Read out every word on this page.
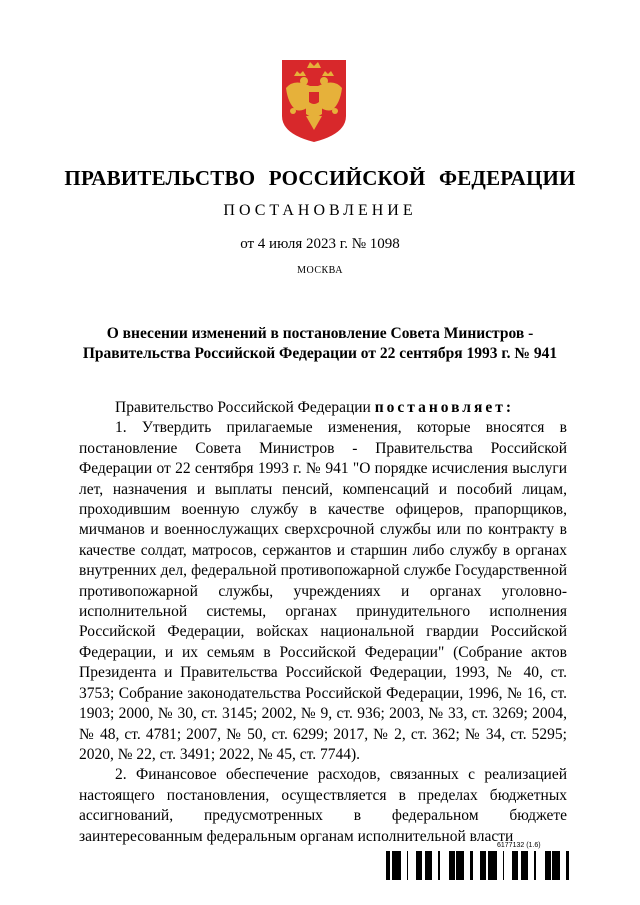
ПРАВИТЕЛЬСТВО РОССИЙСКОЙ ФЕДЕРАЦИИ
ПОСТАНОВЛЕНИЕ
от 4 июля 2023 г. № 1098
МОСКВА
О внесении изменений в постановление Совета Министров -
Правительства Российской Федерации от 22 сентября 1993 г. № 941

Правительство Российской Федерации постановляет:

1. Утвердить прилагаемые изменения, которые вносятся в постановление Совета Министров - Правительства Российской Федерации от 22 сентября 1993 г. № 941 "О порядке исчисления выслуги лет, назначения и выплаты пенсий, компенсаций и пособий лицам, проходившим военную службу в качестве офицеров, прапорщиков, мичманов и военнослужащих сверхсрочной службы или по контракту в качестве солдат, матросов, сержантов и старшин либо службу в органах внутренних дел, федеральной противопожарной службе Государственной противопожарной службы, учреждениях и органах уголовно-исполнительной системы, органах принудительного исполнения Российской Федерации, войсках национальной гвардии Российской Федерации, и их семьям в Российской Федерации" (Собрание актов Президента и Правительства Российской Федерации, 1993, № 40, ст. 3753; Собрание законодательства Российской Федерации, 1996, № 16, ст. 1903; 2000, № 30, ст. 3145; 2002, № 9, ст. 936; 2003, № 33, ст. 3269; 2004, № 48, ст. 4781; 2007, № 50, ст. 6299; 2017, № 2, ст. 362; № 34, ст. 5295; 2020, № 22, ст. 3491; 2022, № 45, ст. 7744).

2. Финансовое обеспечение расходов, связанных с реализацией настоящего постановления, осуществляется в пределах бюджетных ассигнований, предусмотренных в федеральном бюджете заинтересованным федеральным органам исполнительной власти

6177132 (1.6)
